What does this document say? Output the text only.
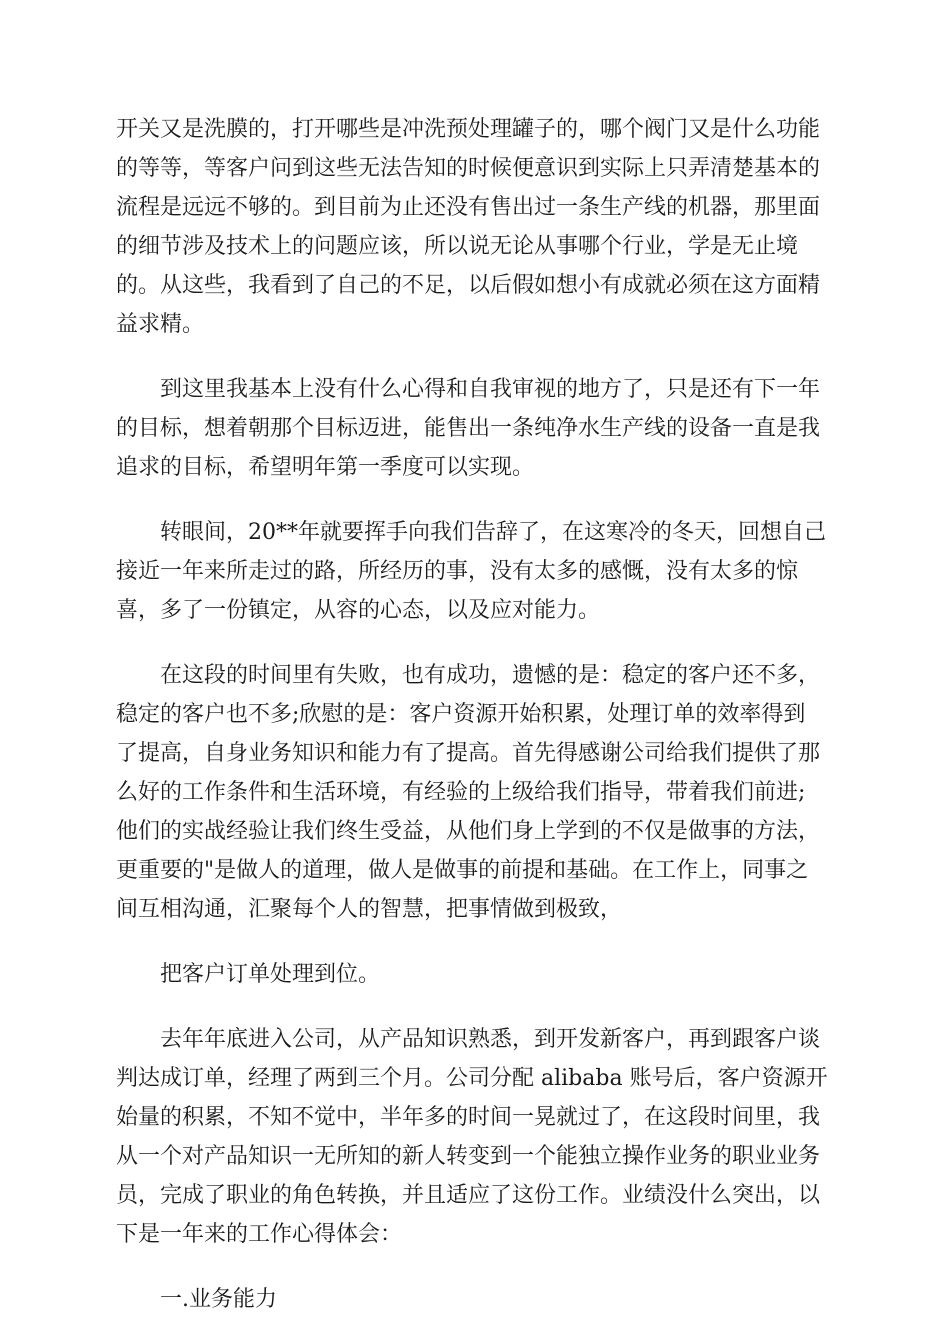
开关又是洗膜的，打开哪些是冲洗预处理罐子的，哪个阀门又是什么功能
的等等，等客户问到这些无法告知的时候便意识到实际上只弄清楚基本的
流程是远远不够的。到目前为止还没有售出过一条生产线的机器，那里面
的细节涉及技术上的问题应该，所以说无论从事哪个行业，学是无止境
的。从这些，我看到了自己的不足，以后假如想小有成就必须在这方面精
益求精。
　　到这里我基本上没有什么心得和自我审视的地方了，只是还有下一年
的目标，想着朝那个目标迈进，能售出一条纯净水生产线的设备一直是我
追求的目标，希望明年第一季度可以实现。
　　转眼间，20**年就要挥手向我们告辞了，在这寒冷的冬天，回想自己
接近一年来所走过的路，所经历的事，没有太多的感慨，没有太多的惊
喜，多了一份镇定，从容的心态，以及应对能力。
　　在这段的时间里有失败，也有成功，遗憾的是：稳定的客户还不多，
稳定的客户也不多;欣慰的是：客户资源开始积累，处理订单的效率得到
了提高，自身业务知识和能力有了提高。首先得感谢公司给我们提供了那
么好的工作条件和生活环境，有经验的上级给我们指导，带着我们前进;
他们的实战经验让我们终生受益，从他们身上学到的不仅是做事的方法，
更重要的"是做人的道理，做人是做事的前提和基础。在工作上，同事之
间互相沟通，汇聚每个人的智慧，把事情做到极致，
　　把客户订单处理到位。
　　去年年底进入公司，从产品知识熟悉，到开发新客户，再到跟客户谈
判达成订单，经理了两到三个月。公司分配 alibaba 账号后，客户资源开
始量的积累，不知不觉中，半年多的时间一晃就过了，在这段时间里，我
从一个对产品知识一无所知的新人转变到一个能独立操作业务的职业业务
员，完成了职业的角色转换，并且适应了这份工作。业绩没什么突出，以
下是一年来的工作心得体会：
　　一.业务能力
